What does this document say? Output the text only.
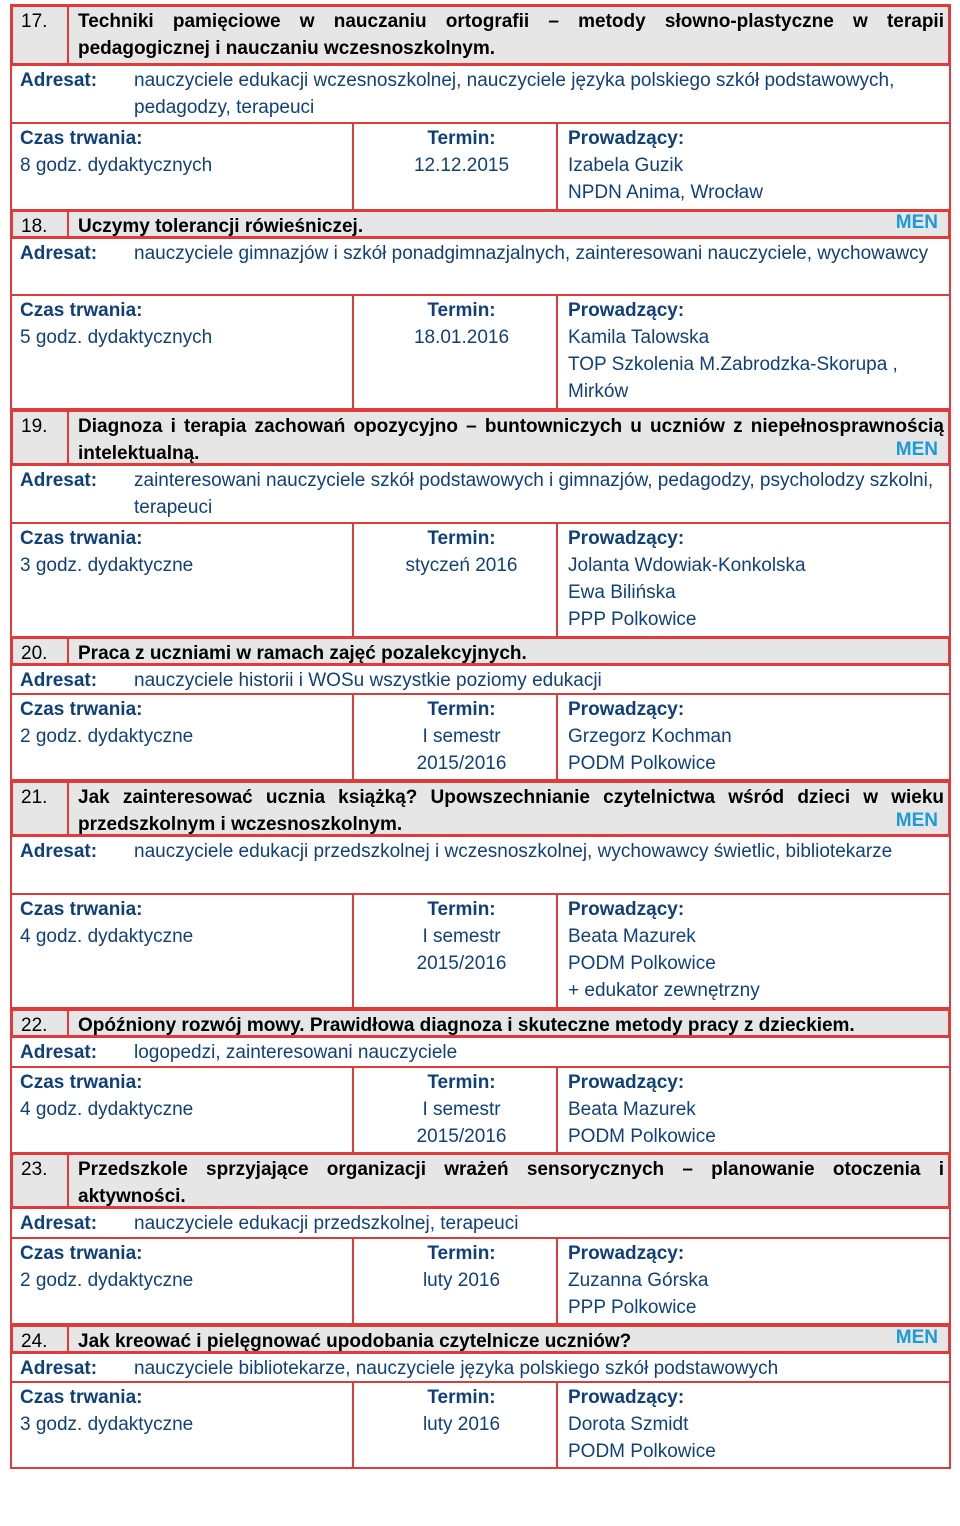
17.	Techniki pamięciowe w nauczaniu ortografii – metody słowno-plastyczne w terapii pedagogicznej i nauczaniu wczesnoszkolnym.
Adresat: nauczyciele edukacji wczesnoszkolnej, nauczyciele języka polskiego szkół podstawowych, pedagodzy, terapeuci
Czas trwania:
8 godz. dydaktycznych
Termin:
12.12.2015
Prowadzący:
Izabela Guzik
NPDN Anima, Wrocław
18.	Uczymy tolerancji rówieśniczej.	MEN
Adresat: nauczyciele gimnazjów i szkół ponadgimnazjalnych, zainteresowani nauczyciele, wychowawcy
Czas trwania:
5 godz. dydaktycznych
Termin:
18.01.2016
Prowadzący:
Kamila Talowska
TOP Szkolenia M.Zabrodzka-Skorupa ,
Mirków
19.	Diagnoza i terapia zachowań opozycyjno – buntowniczych u uczniów z niepełnosprawnością intelektualną.	MEN
Adresat: zainteresowani nauczyciele szkół podstawowych i gimnazjów, pedagodzy, psycholodzy szkolni, terapeuci
Czas trwania:
3 godz. dydaktyczne
Termin:
styczeń 2016
Prowadzący:
Jolanta Wdowiak-Konkolska
Ewa Bilińska
PPP Polkowice
20.	Praca z uczniami w ramach zajęć pozalekcyjnych.
Adresat: nauczyciele historii i WOSu wszystkie poziomy edukacji
Czas trwania:
2 godz. dydaktyczne
Termin:
I semestr
2015/2016
Prowadzący:
Grzegorz Kochman
PODM Polkowice
21.	Jak zainteresować ucznia książką? Upowszechnianie czytelnictwa wśród dzieci w wieku przedszkolnym i wczesnoszkolnym.	MEN
Adresat: nauczyciele edukacji przedszkolnej i wczesnoszkolnej, wychowawcy świetlic, bibliotekarze
Czas trwania:
4 godz. dydaktyczne
Termin:
I semestr
2015/2016
Prowadzący:
Beata Mazurek
PODM Polkowice
+ edukator zewnętrzny
22.	Opóźniony rozwój mowy. Prawidłowa diagnoza i skuteczne metody pracy z dzieckiem.
Adresat: logopedzi, zainteresowani nauczyciele
Czas trwania:
4 godz. dydaktyczne
Termin:
I semestr
2015/2016
Prowadzący:
Beata Mazurek
PODM Polkowice
23.	Przedszkole sprzyjające organizacji wrażeń sensorycznych – planowanie otoczenia i aktywności.
Adresat: nauczyciele edukacji przedszkolnej, terapeuci
Czas trwania:
2 godz. dydaktyczne
Termin:
luty 2016
Prowadzący:
Zuzanna Górska
PPP Polkowice
24.	Jak kreować i pielęgnować upodobania czytelnicze uczniów?	MEN
Adresat: nauczyciele bibliotekarze, nauczyciele języka polskiego szkół podstawowych
Czas trwania:
3 godz. dydaktyczne
Termin:
luty 2016
Prowadzący:
Dorota Szmidt
PODM Polkowice
